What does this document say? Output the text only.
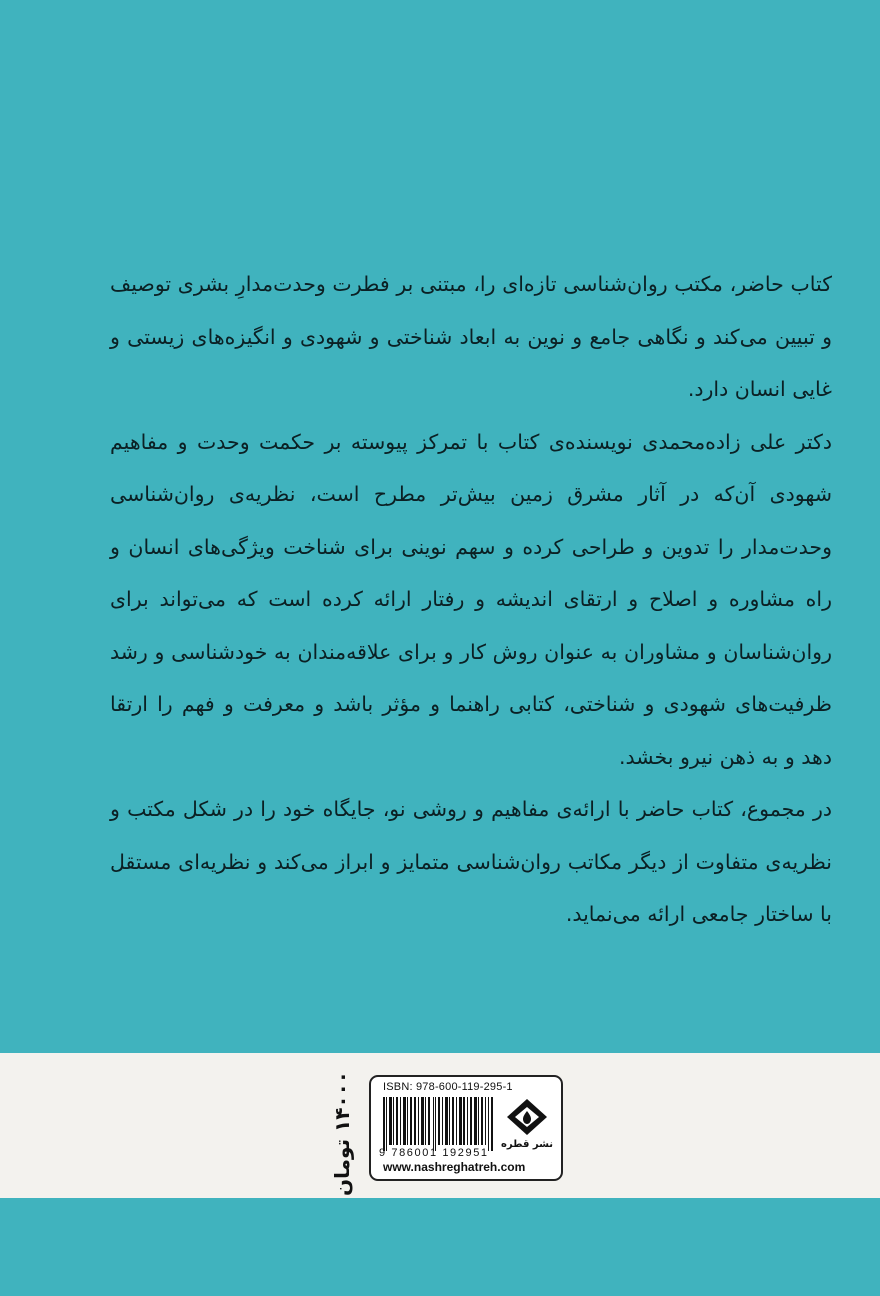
کتاب حاضر، مکتب روان‌شناسی تازه‌ای را، مبتنی بر فطرت وحدت‌مدارِ بشری توصیف و تبیین می‌کند و نگاهی جامع و نوین به ابعاد شناختی و شهودی و انگیزه‌های زیستی و غایی انسان دارد.

دکتر علی زاده‌محمدی نویسنده‌ی کتاب با تمرکز پیوسته بر حکمت وحدت و مفاهیم شهودی آن‌که در آثار مشرق زمین بیش‌تر مطرح است، نظریه‌ی روان‌شناسی وحدت‌مدار را تدوین و طراحی کرده و سهم نوینی برای شناخت ویژگی‌های انسان و راه مشاوره و اصلاح و ارتقای اندیشه و رفتار ارائه کرده است که می‌تواند برای روان‌شناسان و مشاوران به عنوان روش کار و برای علاقه‌مندان به خودشناسی و رشد ظرفیت‌های شهودی و شناختی، کتابی راهنما و مؤثر باشد و معرفت و فهم را ارتقا دهد و به ذهن نیرو بخشد.

در مجموع، کتاب حاضر با ارائه‌ی مفاهیم و روشی نو، جایگاه خود را در شکل مکتب و نظریه‌ی متفاوت از دیگر مکاتب روان‌شناسی متمایز و ابراز می‌کند و نظریه‌ای مستقل با ساختار جامعی ارائه می‌نماید.

۱۴۰۰۰ تومان	ISBN: 978-600-119-295-1
9 786001 192951
www.nashreghatreh.com
نشر قطره
